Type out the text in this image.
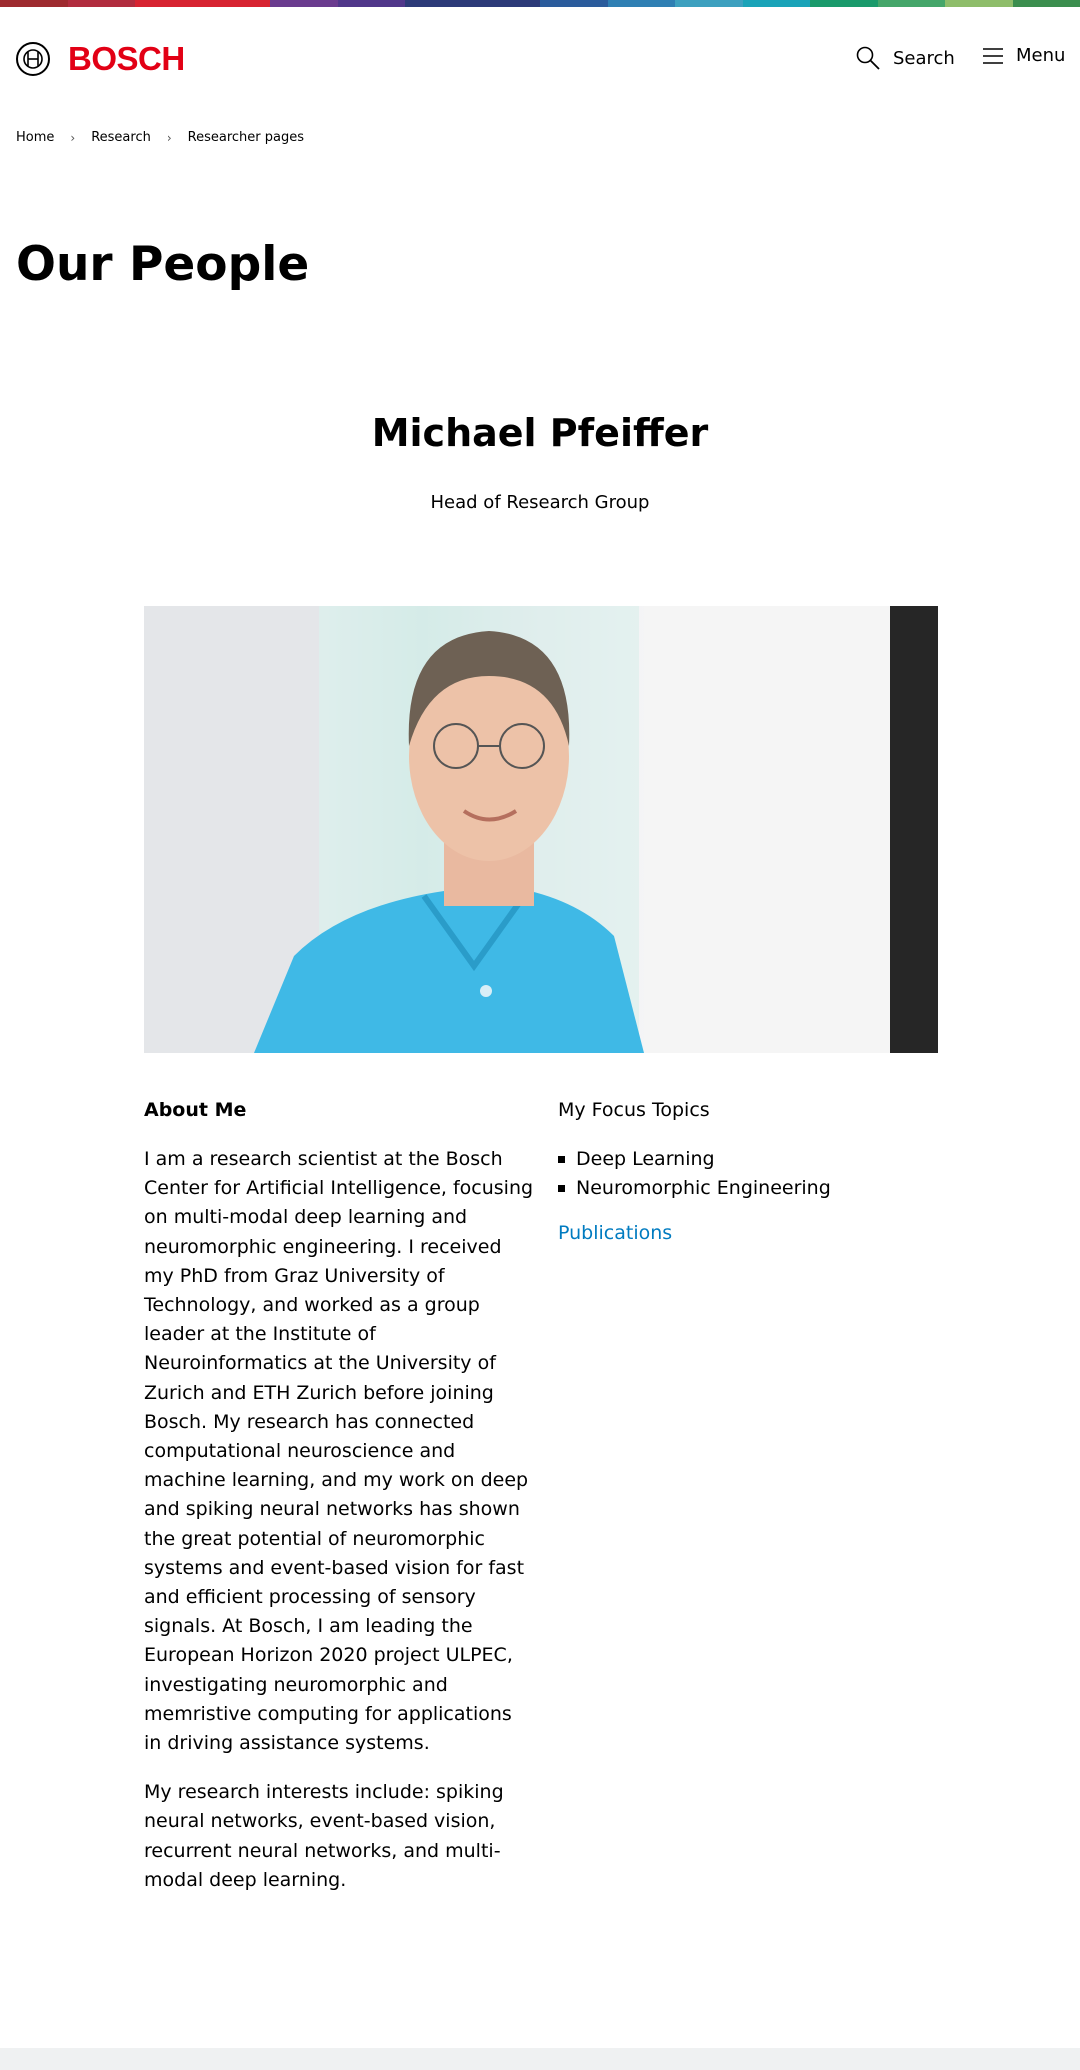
BOSCH	Search	Menu
Home › Research › Researcher pages
Our People
Michael Pfeiffer
Head of Research Group
About Me

I am a research scientist at the Bosch Center for Artificial Intelligence, focusing on multi-modal deep learning and neuromorphic engineering. I received my PhD from Graz University of Technology, and worked as a group leader at the Institute of Neuroinformatics at the University of Zurich and ETH Zurich before joining Bosch. My research has connected computational neuroscience and machine learning, and my work on deep and spiking neural networks has shown the great potential of neuromorphic systems and event-based vision for fast and efficient processing of sensory signals. At Bosch, I am leading the European Horizon 2020 project ULPEC, investigating neuromorphic and memristive computing for applications in driving assistance systems.

My research interests include: spiking neural networks, event-based vision, recurrent neural networks, and multi-modal deep learning.

My Focus Topics
Deep Learning
Neuromorphic Engineering
Publications
